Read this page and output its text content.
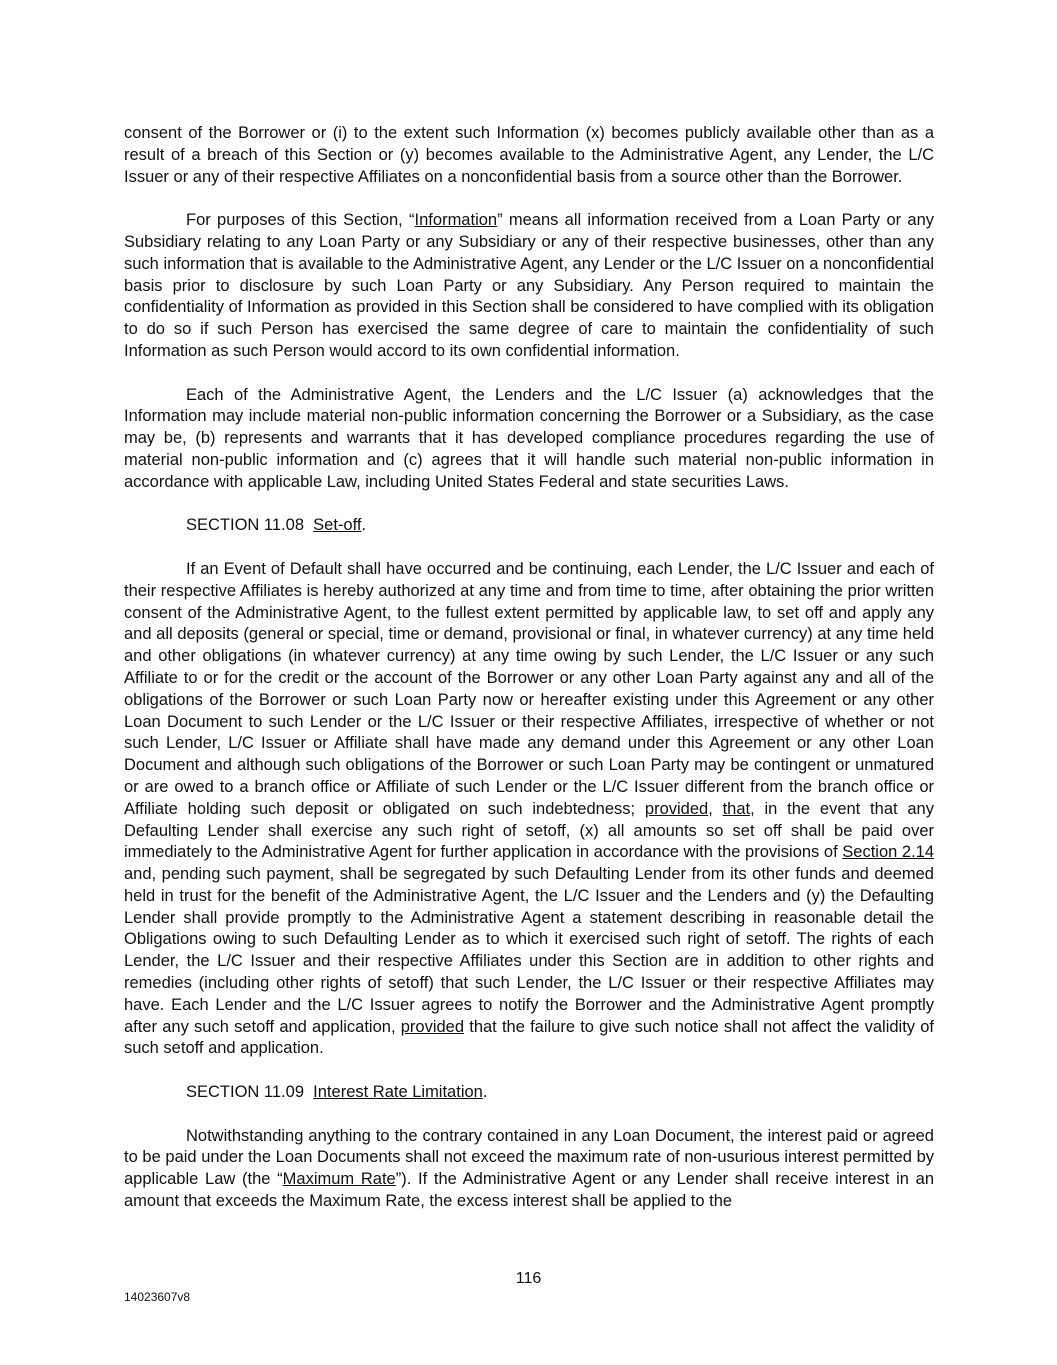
consent of the Borrower or (i) to the extent such Information (x) becomes publicly available other than as a result of a breach of this Section or (y) becomes available to the Administrative Agent, any Lender, the L/C Issuer or any of their respective Affiliates on a nonconfidential basis from a source other than the Borrower.

For purposes of this Section, “Information” means all information received from a Loan Party or any Subsidiary relating to any Loan Party or any Subsidiary or any of their respective businesses, other than any such information that is available to the Administrative Agent, any Lender or the L/C Issuer on a nonconfidential basis prior to disclosure by such Loan Party or any Subsidiary. Any Person required to maintain the confidentiality of Information as provided in this Section shall be considered to have complied with its obligation to do so if such Person has exercised the same degree of care to maintain the confidentiality of such Information as such Person would accord to its own confidential information.

Each of the Administrative Agent, the Lenders and the L/C Issuer (a) acknowledges that the Information may include material non-public information concerning the Borrower or a Subsidiary, as the case may be, (b) represents and warrants that it has developed compliance procedures regarding the use of material non-public information and (c) agrees that it will handle such material non-public information in accordance with applicable Law, including United States Federal and state securities Laws.

SECTION 11.08 Set-off.

If an Event of Default shall have occurred and be continuing, each Lender, the L/C Issuer and each of their respective Affiliates is hereby authorized at any time and from time to time, after obtaining the prior written consent of the Administrative Agent, to the fullest extent permitted by applicable law, to set off and apply any and all deposits (general or special, time or demand, provisional or final, in whatever currency) at any time held and other obligations (in whatever currency) at any time owing by such Lender, the L/C Issuer or any such Affiliate to or for the credit or the account of the Borrower or any other Loan Party against any and all of the obligations of the Borrower or such Loan Party now or hereafter existing under this Agreement or any other Loan Document to such Lender or the L/C Issuer or their respective Affiliates, irrespective of whether or not such Lender, L/C Issuer or Affiliate shall have made any demand under this Agreement or any other Loan Document and although such obligations of the Borrower or such Loan Party may be contingent or unmatured or are owed to a branch office or Affiliate of such Lender or the L/C Issuer different from the branch office or Affiliate holding such deposit or obligated on such indebtedness; provided, that, in the event that any Defaulting Lender shall exercise any such right of setoff, (x) all amounts so set off shall be paid over immediately to the Administrative Agent for further application in accordance with the provisions of Section 2.14 and, pending such payment, shall be segregated by such Defaulting Lender from its other funds and deemed held in trust for the benefit of the Administrative Agent, the L/C Issuer and the Lenders and (y) the Defaulting Lender shall provide promptly to the Administrative Agent a statement describing in reasonable detail the Obligations owing to such Defaulting Lender as to which it exercised such right of setoff. The rights of each Lender, the L/C Issuer and their respective Affiliates under this Section are in addition to other rights and remedies (including other rights of setoff) that such Lender, the L/C Issuer or their respective Affiliates may have. Each Lender and the L/C Issuer agrees to notify the Borrower and the Administrative Agent promptly after any such setoff and application, provided that the failure to give such notice shall not affect the validity of such setoff and application.

SECTION 11.09 Interest Rate Limitation.

Notwithstanding anything to the contrary contained in any Loan Document, the interest paid or agreed to be paid under the Loan Documents shall not exceed the maximum rate of non-usurious interest permitted by applicable Law (the “Maximum Rate”). If the Administrative Agent or any Lender shall receive interest in an amount that exceeds the Maximum Rate, the excess interest shall be applied to the

116
14023607v8
